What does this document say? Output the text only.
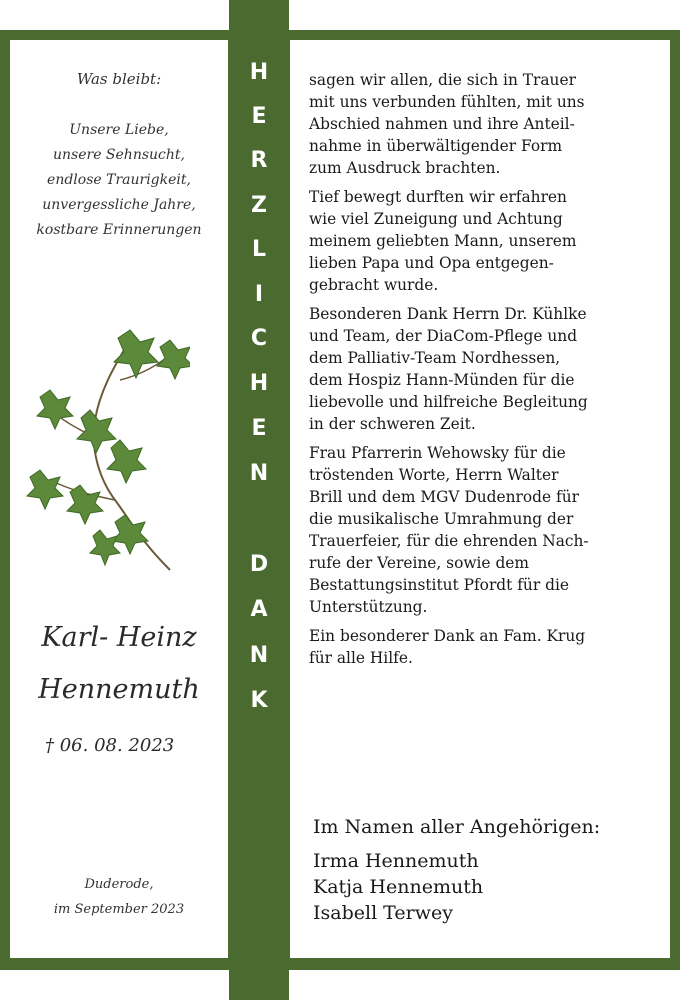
H
E
R
Z
L
I
C
H
E
N
D
A
N
K
Was bleibt:
Unsere Liebe,
unsere Sehnsucht,
endlose Traurigkeit,
unvergessliche Jahre,
kostbare Erinnerungen
Karl- Heinz
Hennemuth
† 06. 08. 2023
Duderode,
im September 2023

sagen wir allen, die sich in Trauer
mit uns verbunden fühlten, mit uns
Abschied nahmen und ihre Anteil-
nahme in überwältigender Form
zum Ausdruck brachten.

Tief bewegt durften wir erfahren
wie viel Zuneigung und Achtung
meinem geliebten Mann, unserem
lieben Papa und Opa entgegen-
gebracht wurde.

Besonderen Dank Herrn Dr. Kühlke
und Team, der DiaCom-Pflege und
dem Palliativ-Team Nordhessen,
dem Hospiz Hann-Münden für die
liebevolle und hilfreiche Begleitung
in der schweren Zeit.

Frau Pfarrerin Wehowsky für die
tröstenden Worte, Herrn Walter
Brill und dem MGV Dudenrode für
die musikalische Umrahmung der
Trauerfeier, für die ehrenden Nach-
rufe der Vereine, sowie dem
Bestattungsinstitut Pfordt für die
Unterstützung.

Ein besonderer Dank an Fam. Krug
für alle Hilfe.

Im Namen aller Angehörigen:
Irma Hennemuth
Katja Hennemuth
Isabell Terwey
